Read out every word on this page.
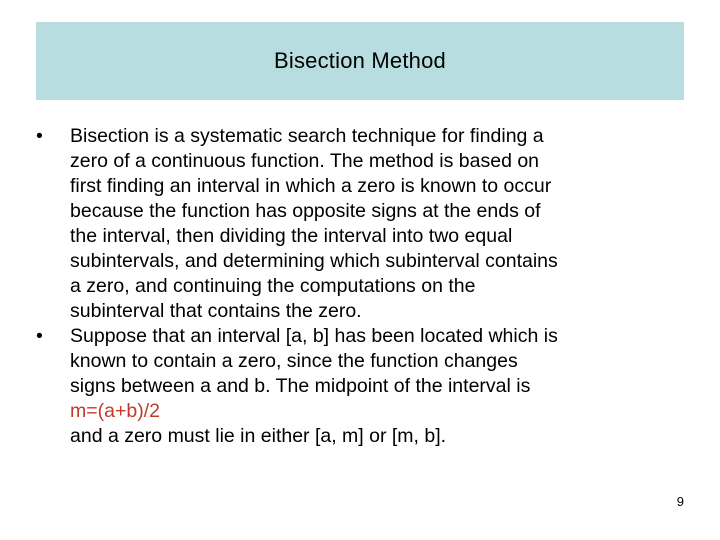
Bisection Method
•	Bisection is a systematic search technique for finding a
zero of a continuous function. The method is based on
first finding an interval in which a zero is known to occur
because the function has opposite signs at the ends of
the interval, then dividing the interval into two equal
subintervals, and determining which subinterval contains
a zero, and continuing the computations on the
subinterval that contains the zero.
•	Suppose that an interval [a, b] has been located which is
known to contain a zero, since the function changes
signs between a and b. The midpoint of the interval is
m=(a+b)/2
and a zero must lie in either [a, m] or [m, b].
9
